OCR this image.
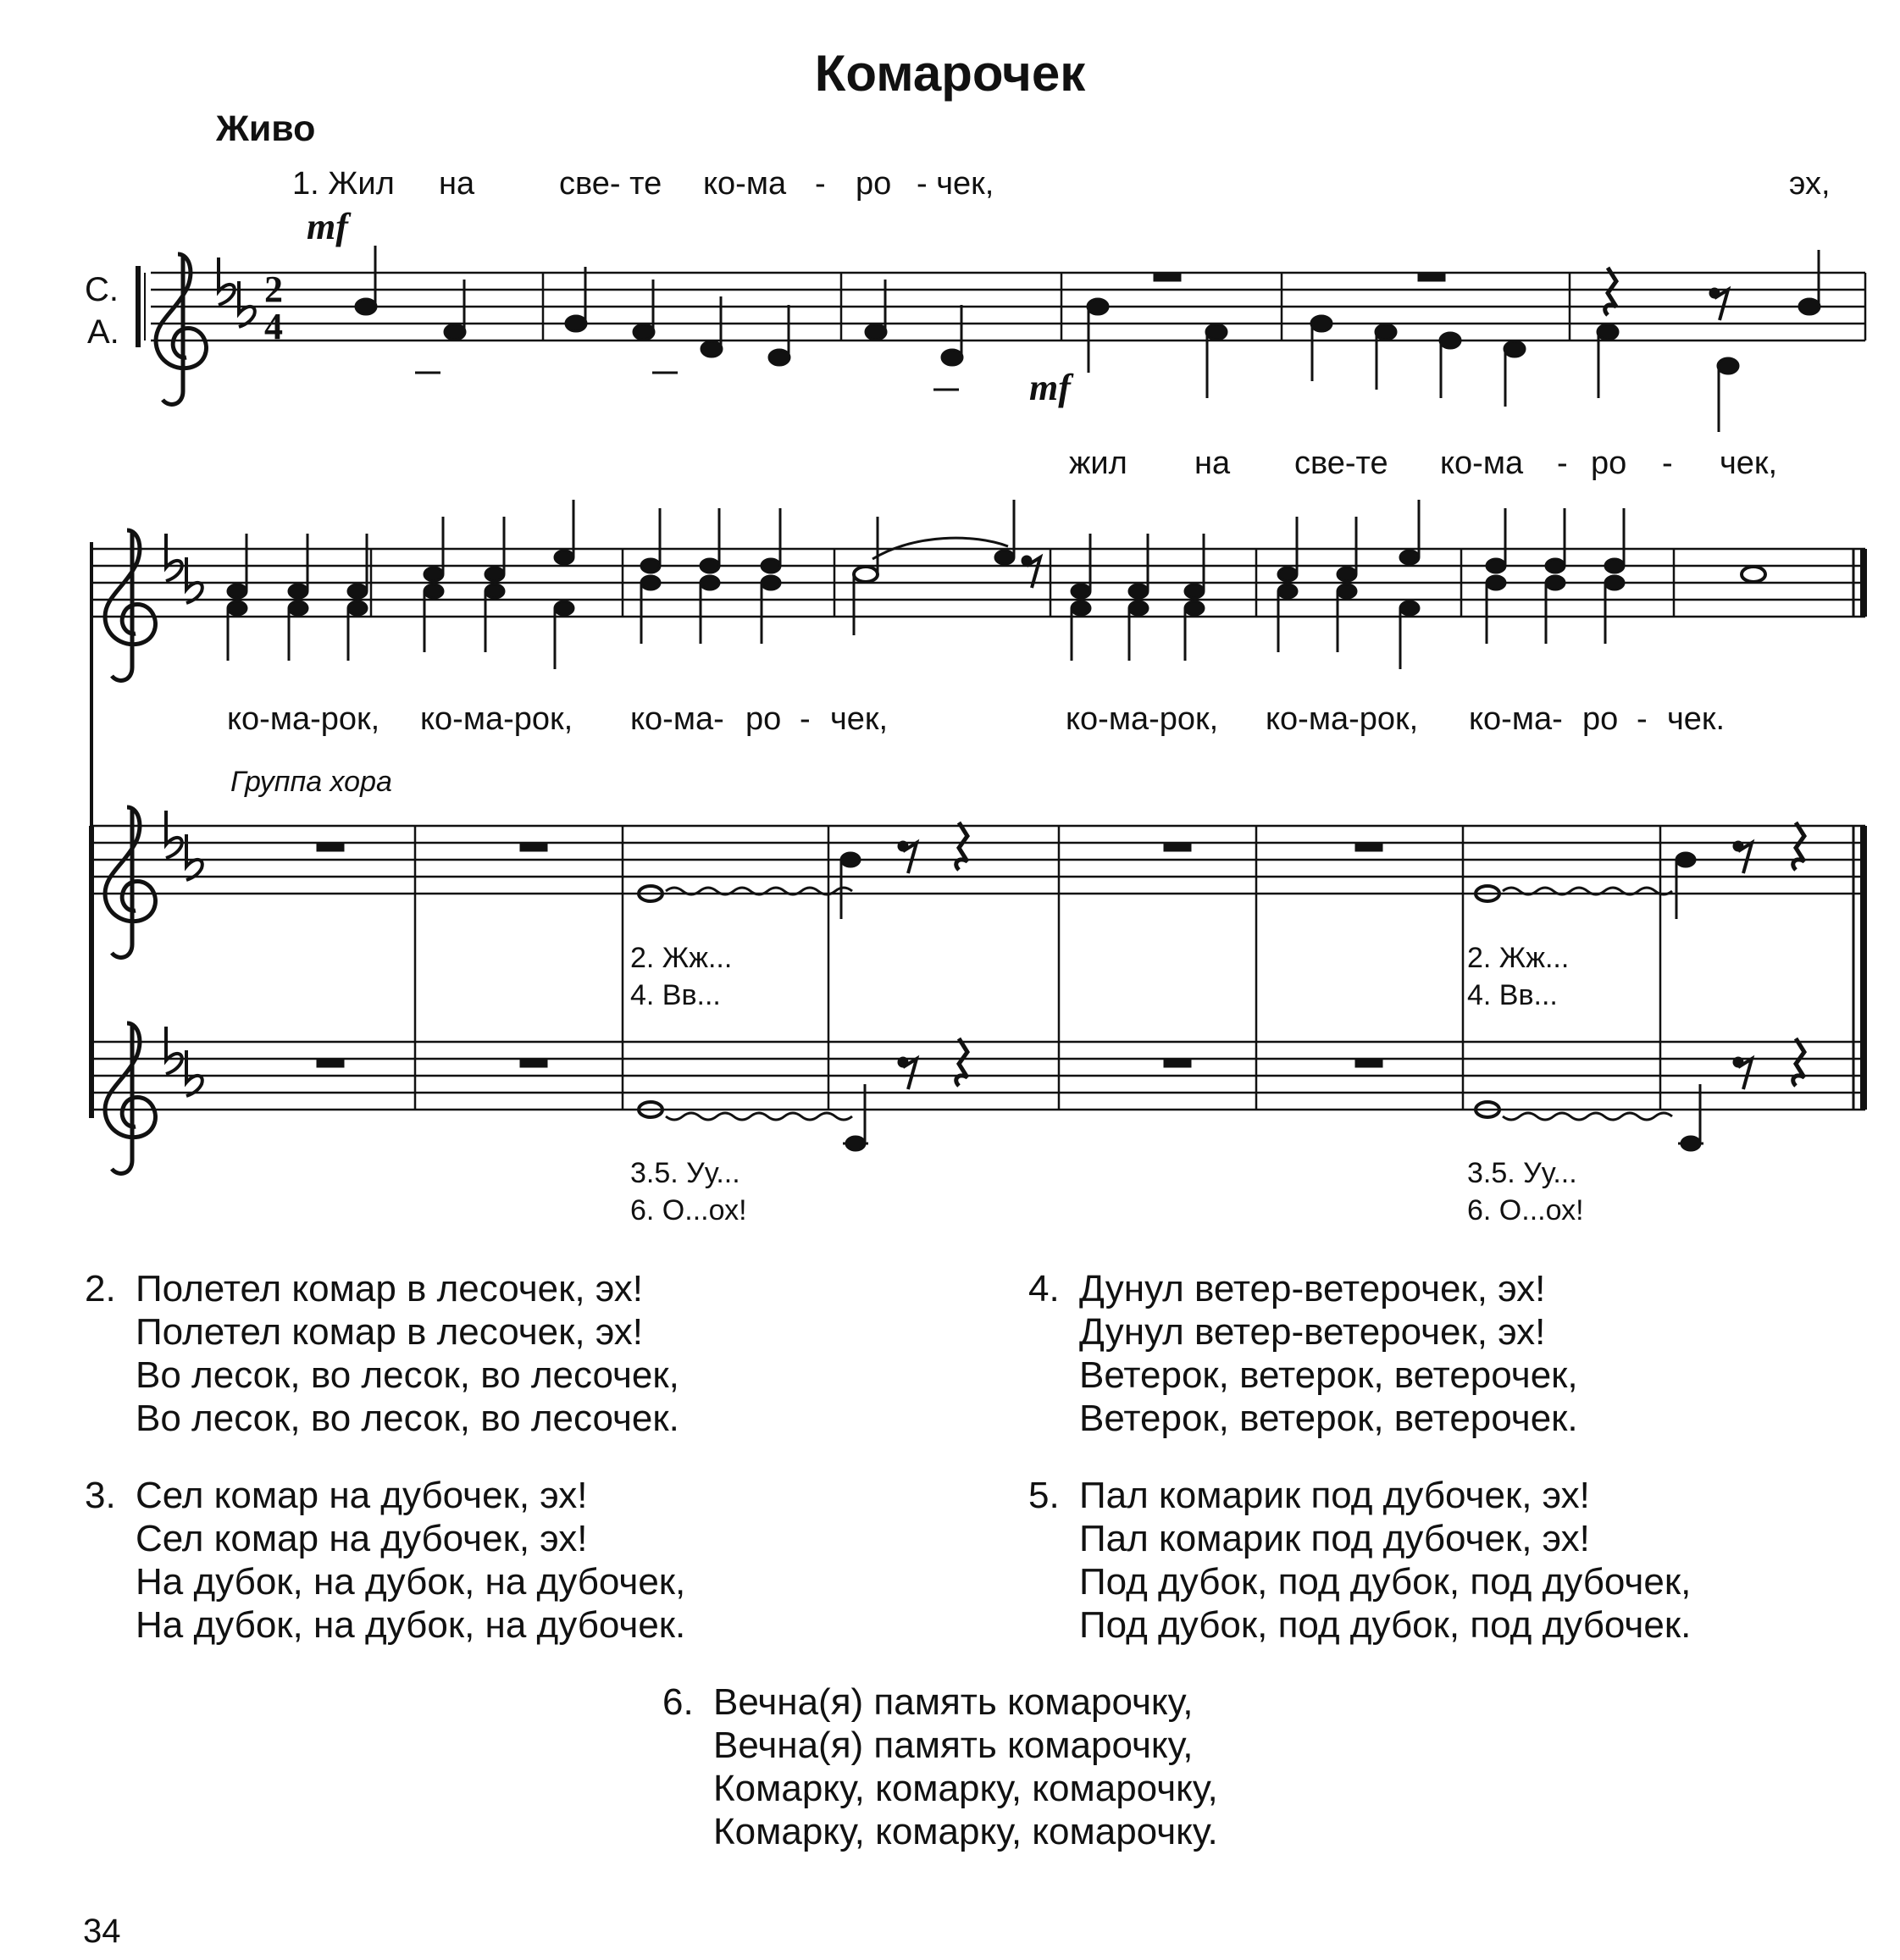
Комарочек
Живо
1. Жил на	све- те ко-ма - ро - чек,	эх,
mf
mf
С.
А.
жил на све-те ко-ма - ро - чек,
ко-ма-рок, ко-ма-рок, ко-ма- ро - чек,	ко-ма-рок, ко-ма-рок, ко-ма- ро - чек.
Группа хора
2. Жж...
4. Вв...
2. Жж...
4. Вв...
3.5. Уу...
6. О...ох!
3.5. Уу...
6. О...ох!
2
4
2. Полетел комар в лесочек, эх!
Полетел комар в лесочек, эх!
Во лесок, во лесок, во лесочек,
Во лесок, во лесок, во лесочек.
4. Дунул ветер-ветерочек, эх!
Дунул ветер-ветерочек, эх!
Ветерок, ветерок, ветерочек,
Ветерок, ветерок, ветерочек.
3. Сел комар на дубочек, эх!
Сел комар на дубочек, эх!
На дубок, на дубок, на дубочек,
На дубок, на дубок, на дубочек.
5. Пал комарик под дубочек, эх!
Пал комарик под дубочек, эх!
Под дубок, под дубок, под дубочек,
Под дубок, под дубок, под дубочек.
6. Вечна(я) память комарочку,
Вечна(я) память комарочку,
Комарку, комарку, комарочку,
Комарку, комарку, комарочку.
34
